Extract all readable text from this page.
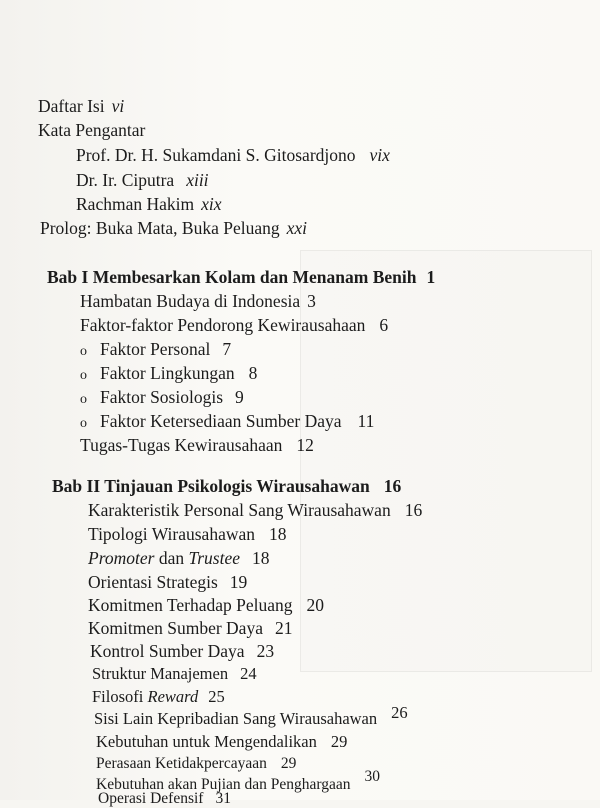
Daftar Isi vi
Kata Pengantar
Prof. Dr. H. Sukamdani S. Gitosardjono vix
Dr. Ir. Ciputra xiii
Rachman Hakim xix
Prolog: Buka Mata, Buka Peluang xxi
Bab I Membesarkan Kolam dan Menanam Benih 1
Hambatan Budaya di Indonesia 3
Faktor-faktor Pendorong Kewirausahaan 6
o Faktor Personal 7
o Faktor Lingkungan 8
o Faktor Sosiologis 9
o Faktor Ketersediaan Sumber Daya 11
Tugas-Tugas Kewirausahaan 12
Bab II Tinjauan Psikologis Wirausahawan 16
Karakteristik Personal Sang Wirausahawan 16
Tipologi Wirausahawan 18
Promoter dan Trustee 18
Orientasi Strategis 19
Komitmen Terhadap Peluang 20
Komitmen Sumber Daya 21
Kontrol Sumber Daya 23
Struktur Manajemen 24
Filosofi Reward 25
Sisi Lain Kepribadian Sang Wirausahawan 26
Kebutuhan untuk Mengendalikan 29
Perasaan Ketidakpercayaan 29
Kebutuhan akan Pujian dan Penghargaan 30
Operasi Defensif 31
